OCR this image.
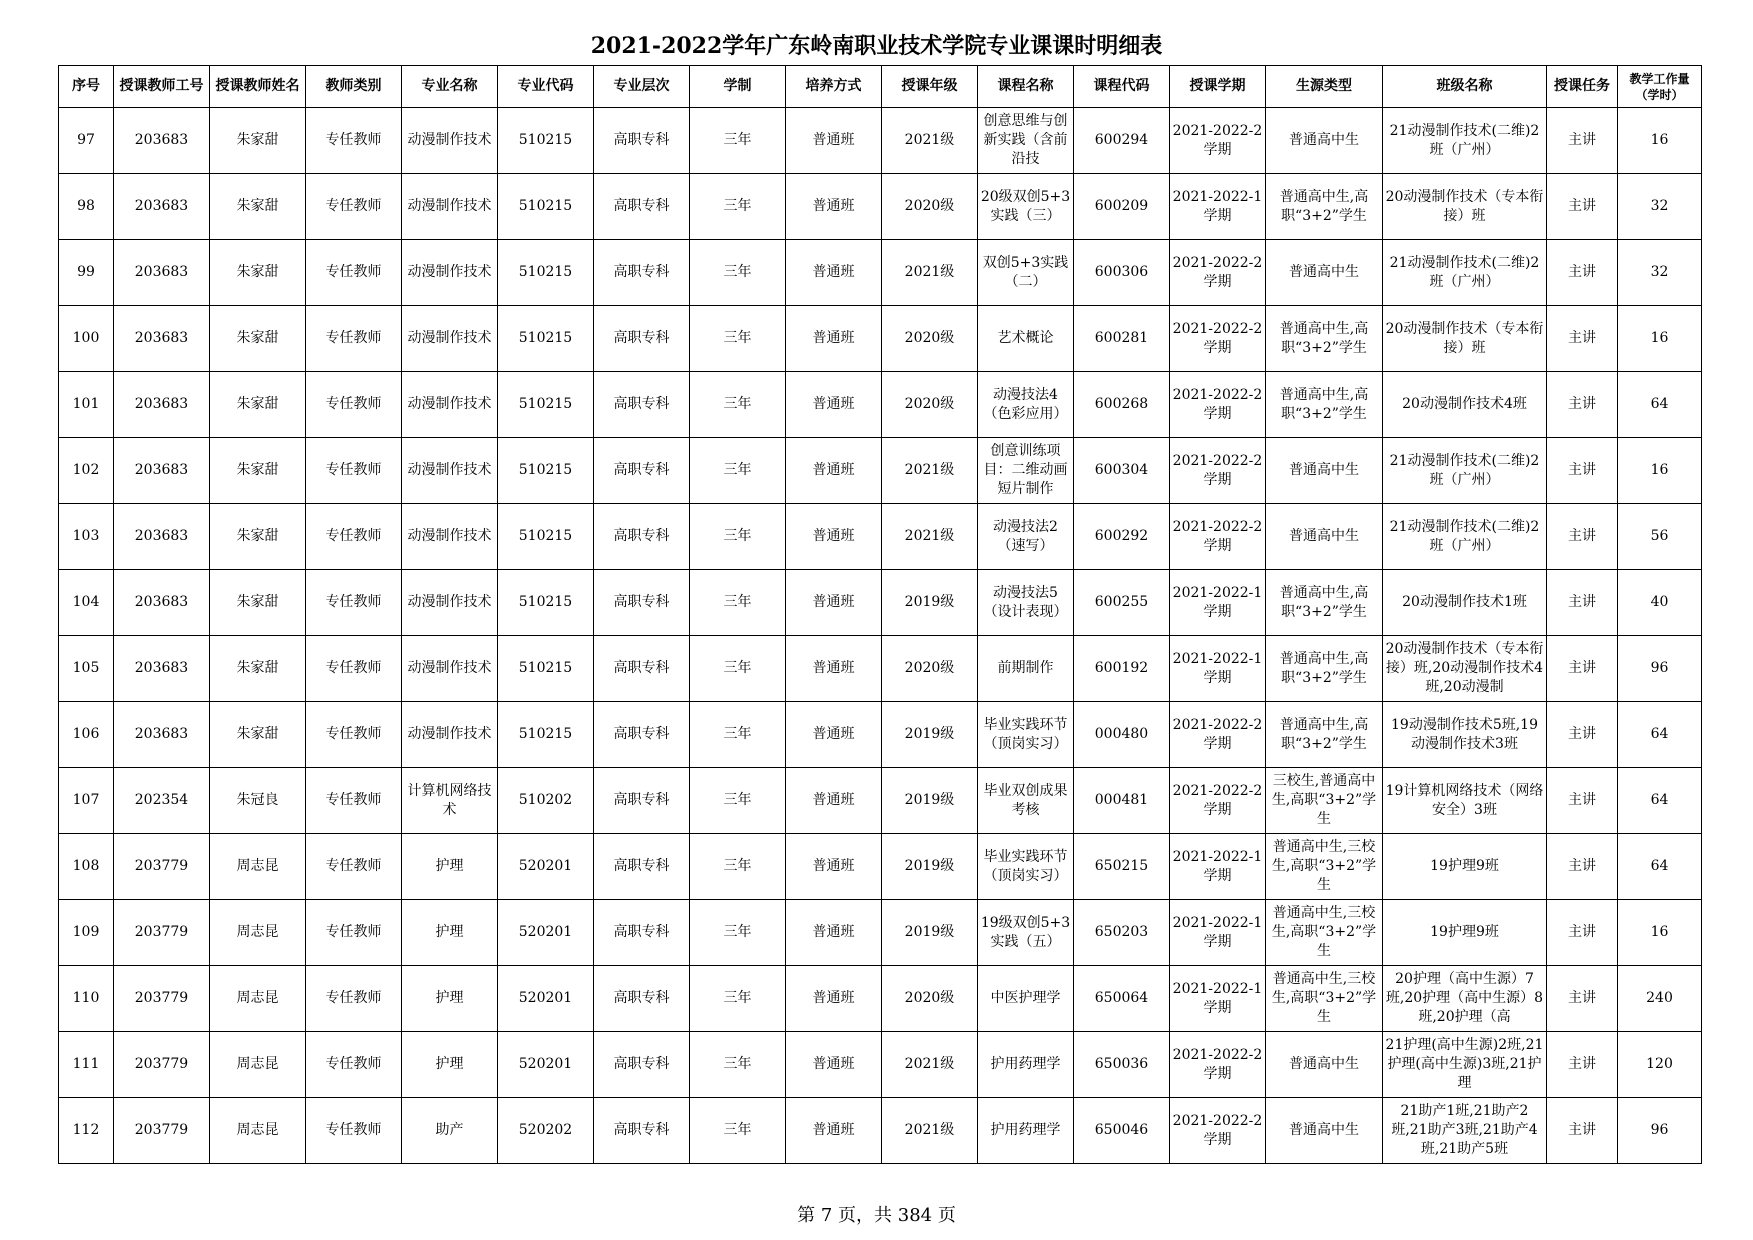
2021-2022学年广东岭南职业技术学院专业课课时明细表
序号	授课教师工号	授课教师姓名	教师类别	专业名称	专业代码	专业层次	学制	培养方式	授课年级	课程名称	课程代码	授课学期	生源类型	班级名称	授课任务	教学工作量（学时）

97	203683	朱家甜	专任教师	动漫制作技术	510215	高职专科	三年	普通班	2021级	创意思维与创新实践（含前沿技	600294	2021-2022-2学期	普通高中生	21动漫制作技术(二维)2班（广州）	主讲	16

98	203683	朱家甜	专任教师	动漫制作技术	510215	高职专科	三年	普通班	2020级	20级双创5+3实践（三）	600209	2021-2022-1学期	普通高中生,高职“3+2”学生	20动漫制作技术（专本衔接）班	主讲	32

99	203683	朱家甜	专任教师	动漫制作技术	510215	高职专科	三年	普通班	2021级	双创5+3实践（二）	600306	2021-2022-2学期	普通高中生	21动漫制作技术(二维)2班（广州）	主讲	32

100	203683	朱家甜	专任教师	动漫制作技术	510215	高职专科	三年	普通班	2020级	艺术概论	600281	2021-2022-2学期	普通高中生,高职“3+2”学生	20动漫制作技术（专本衔接）班	主讲	16

101	203683	朱家甜	专任教师	动漫制作技术	510215	高职专科	三年	普通班	2020级	动漫技法4（色彩应用）	600268	2021-2022-2学期	普通高中生,高职“3+2”学生	20动漫制作技术4班	主讲	64

102	203683	朱家甜	专任教师	动漫制作技术	510215	高职专科	三年	普通班	2021级	创意训练项目：二维动画短片制作	600304	2021-2022-2学期	普通高中生	21动漫制作技术(二维)2班（广州）	主讲	16

103	203683	朱家甜	专任教师	动漫制作技术	510215	高职专科	三年	普通班	2021级	动漫技法2（速写）	600292	2021-2022-2学期	普通高中生	21动漫制作技术(二维)2班（广州）	主讲	56

104	203683	朱家甜	专任教师	动漫制作技术	510215	高职专科	三年	普通班	2019级	动漫技法5（设计表现）	600255	2021-2022-1学期	普通高中生,高职“3+2”学生	20动漫制作技术1班	主讲	40

105	203683	朱家甜	专任教师	动漫制作技术	510215	高职专科	三年	普通班	2020级	前期制作	600192	2021-2022-1学期	普通高中生,高职“3+2”学生	20动漫制作技术（专本衔接）班,20动漫制作技术4班,20动漫制	主讲	96

106	203683	朱家甜	专任教师	动漫制作技术	510215	高职专科	三年	普通班	2019级	毕业实践环节（顶岗实习）	000480	2021-2022-2学期	普通高中生,高职“3+2”学生	19动漫制作技术5班,19动漫制作技术3班	主讲	64

107	202354	朱冠良	专任教师	计算机网络技术	510202	高职专科	三年	普通班	2019级	毕业双创成果考核	000481	2021-2022-2学期	三校生,普通高中生,高职“3+2”学生	19计算机网络技术（网络安全）3班	主讲	64

108	203779	周志昆	专任教师	护理	520201	高职专科	三年	普通班	2019级	毕业实践环节（顶岗实习）	650215	2021-2022-1学期	普通高中生,三校生,高职“3+2”学生	19护理9班	主讲	64

109	203779	周志昆	专任教师	护理	520201	高职专科	三年	普通班	2019级	19级双创5+3实践（五）	650203	2021-2022-1学期	普通高中生,三校生,高职“3+2”学生	19护理9班	主讲	16

110	203779	周志昆	专任教师	护理	520201	高职专科	三年	普通班	2020级	中医护理学	650064	2021-2022-1学期	普通高中生,三校生,高职“3+2”学生	20护理（高中生源）7班,20护理（高中生源）8班,20护理（高	主讲	240

111	203779	周志昆	专任教师	护理	520201	高职专科	三年	普通班	2021级	护用药理学	650036	2021-2022-2学期	普通高中生	21护理(高中生源)2班,21护理(高中生源)3班,21护理	主讲	120

112	203779	周志昆	专任教师	助产	520202	高职专科	三年	普通班	2021级	护用药理学	650046	2021-2022-2学期	普通高中生	21助产1班,21助产2班,21助产3班,21助产4班,21助产5班	主讲	96
第 7 页，共 384 页
